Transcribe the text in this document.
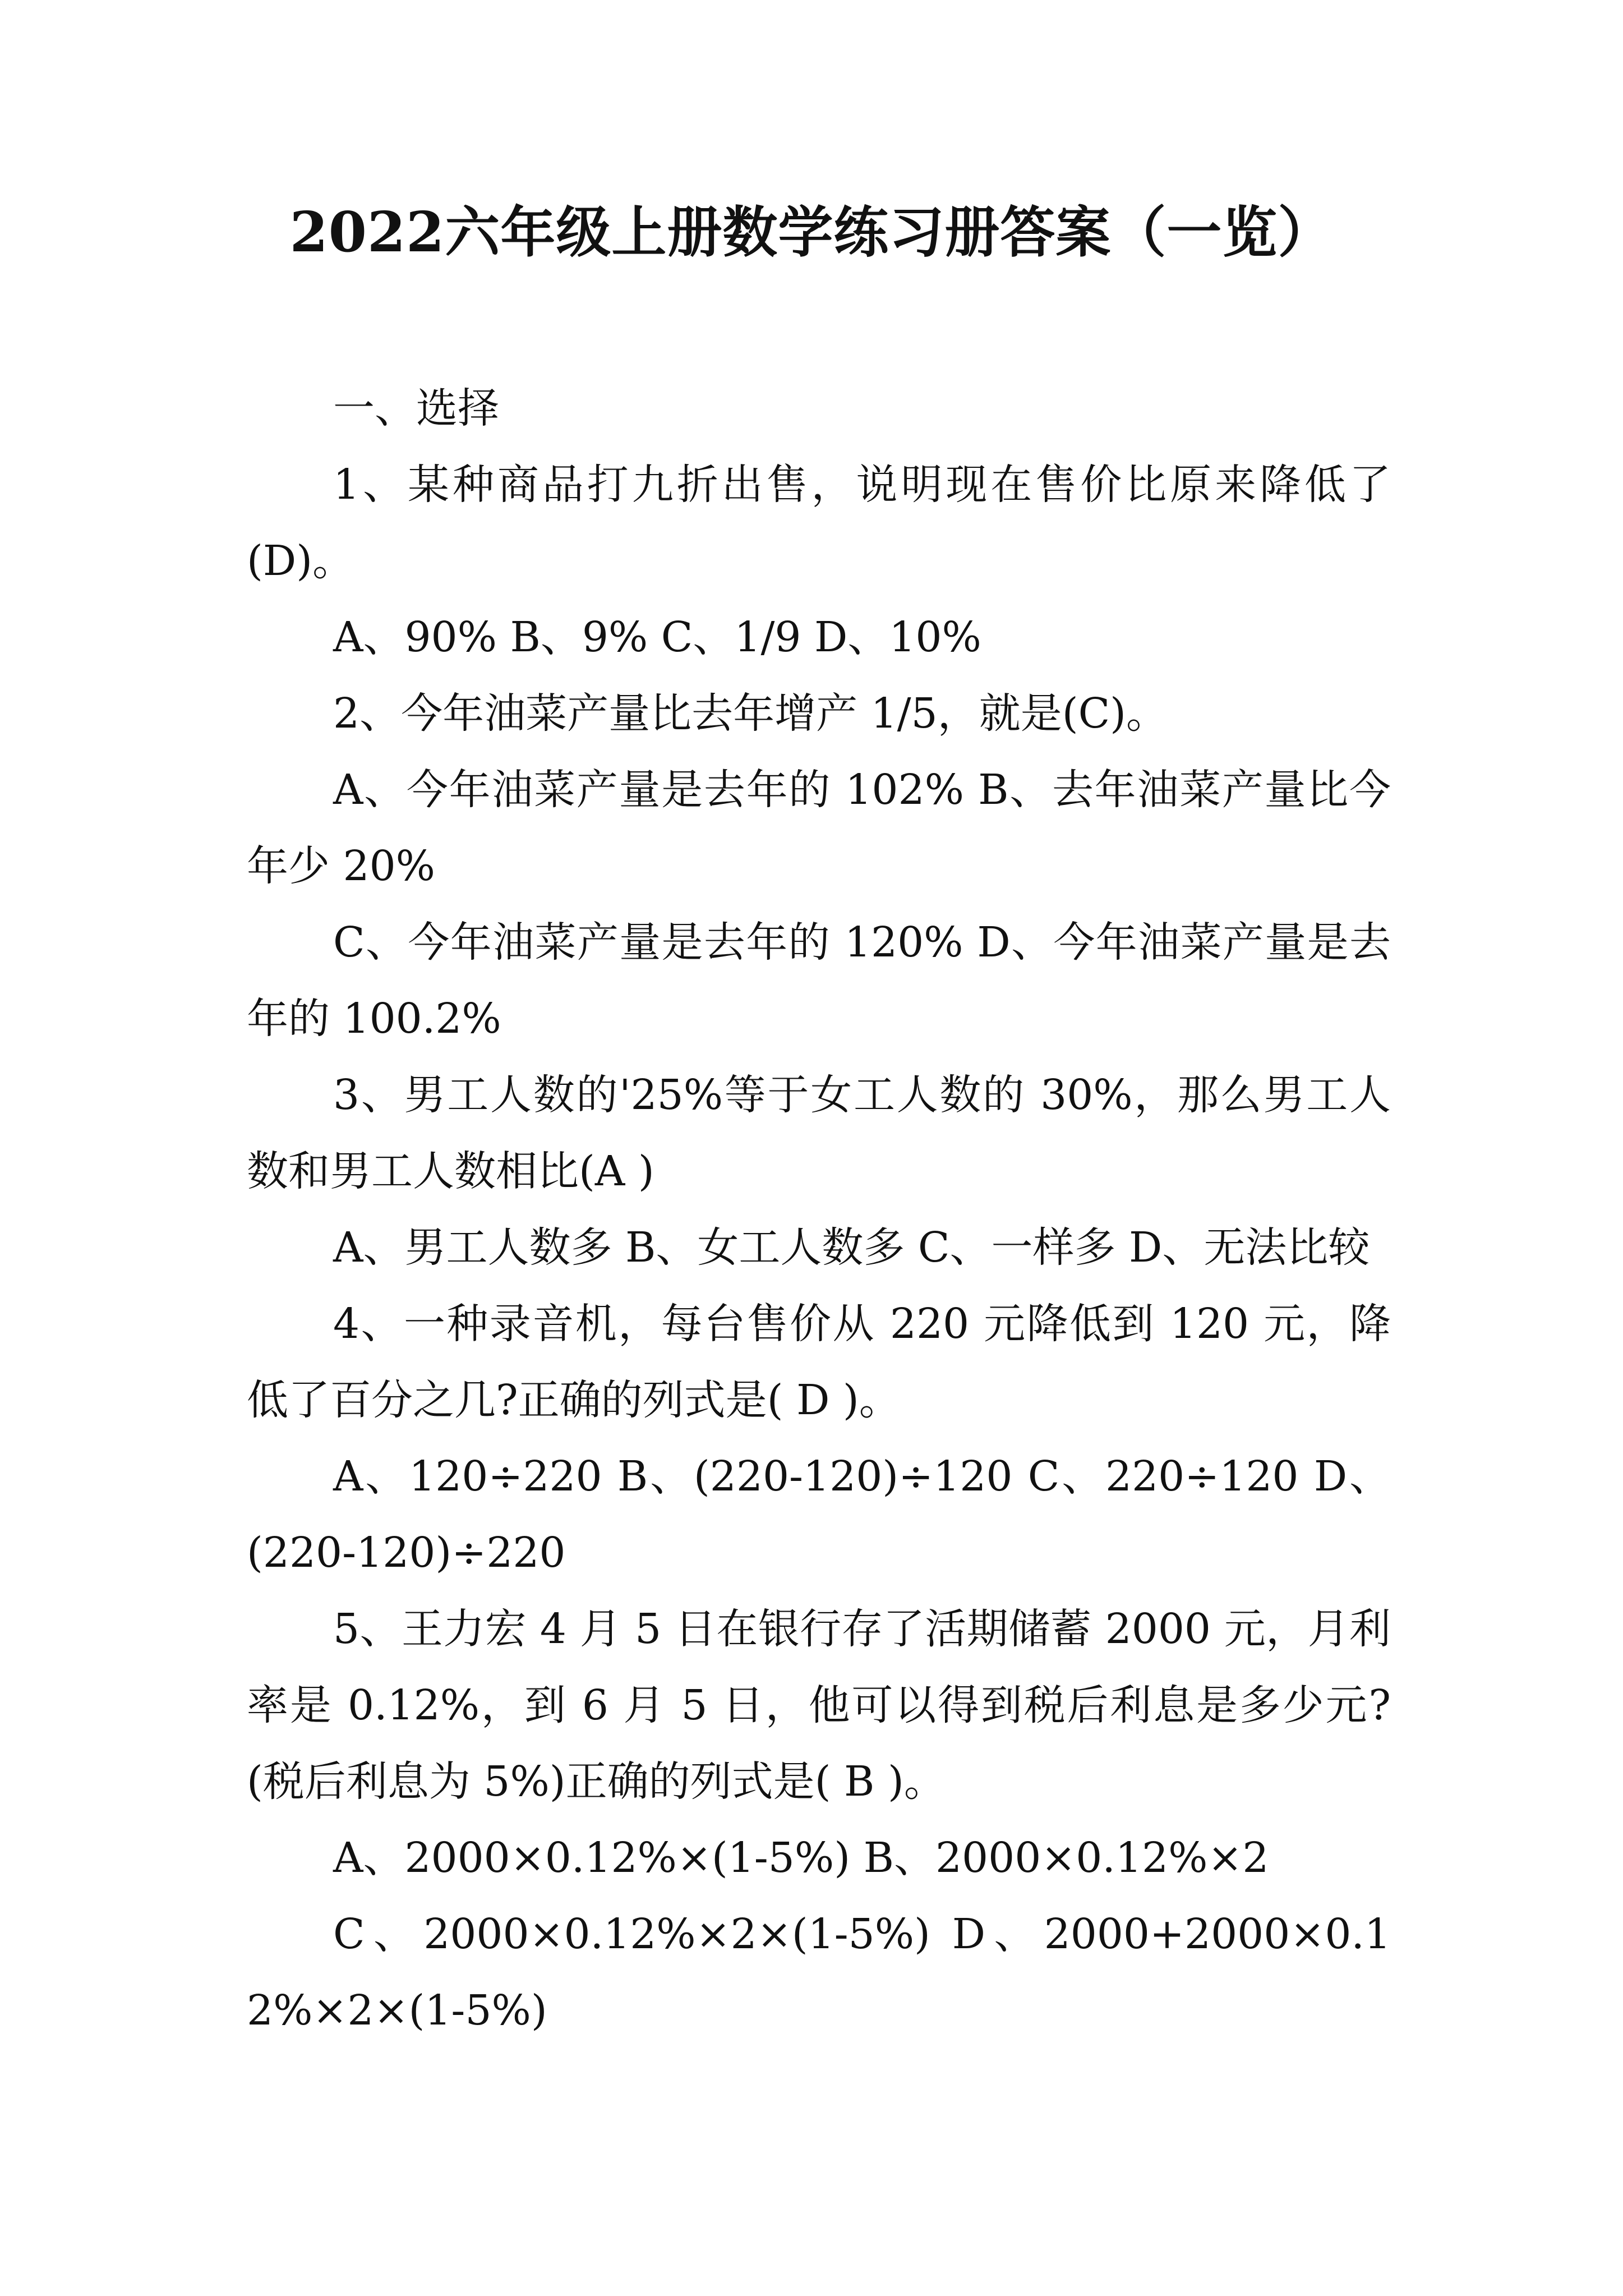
2022六年级上册数学练习册答案（一览）

一、选择

1、某种商品打九折出售，说明现在售价比原来降低了(D)。

A、90% B、9% C、1/9 D、10%

2、今年油菜产量比去年增产 1/5，就是(C)。

A、今年油菜产量是去年的 102% B、去年油菜产量比今年少 20%

C、今年油菜产量是去年的 120% D、今年油菜产量是去年的 100.2%

3、男工人数的'25%等于女工人数的 30%，那么男工人数和男工人数相比(A )

A、男工人数多 B、女工人数多 C、一样多 D、无法比较

4、一种录音机，每台售价从 220 元降低到 120 元，降低了百分之几?正确的列式是( D )。

A、120÷220 B、(220-120)÷120 C、220÷120 D、(220-120)÷220

5、王力宏 4 月 5 日在银行存了活期储蓄 2000 元，月利率是 0.12%，到 6 月 5 日，他可以得到税后利息是多少元?(税后利息为 5%)正确的列式是( B )。

A、2000×0.12%×(1-5%) B、2000×0.12%×2

C、2000×0.12%×2×(1-5%) D、2000+2000×0.12%×2×(1-5%)
